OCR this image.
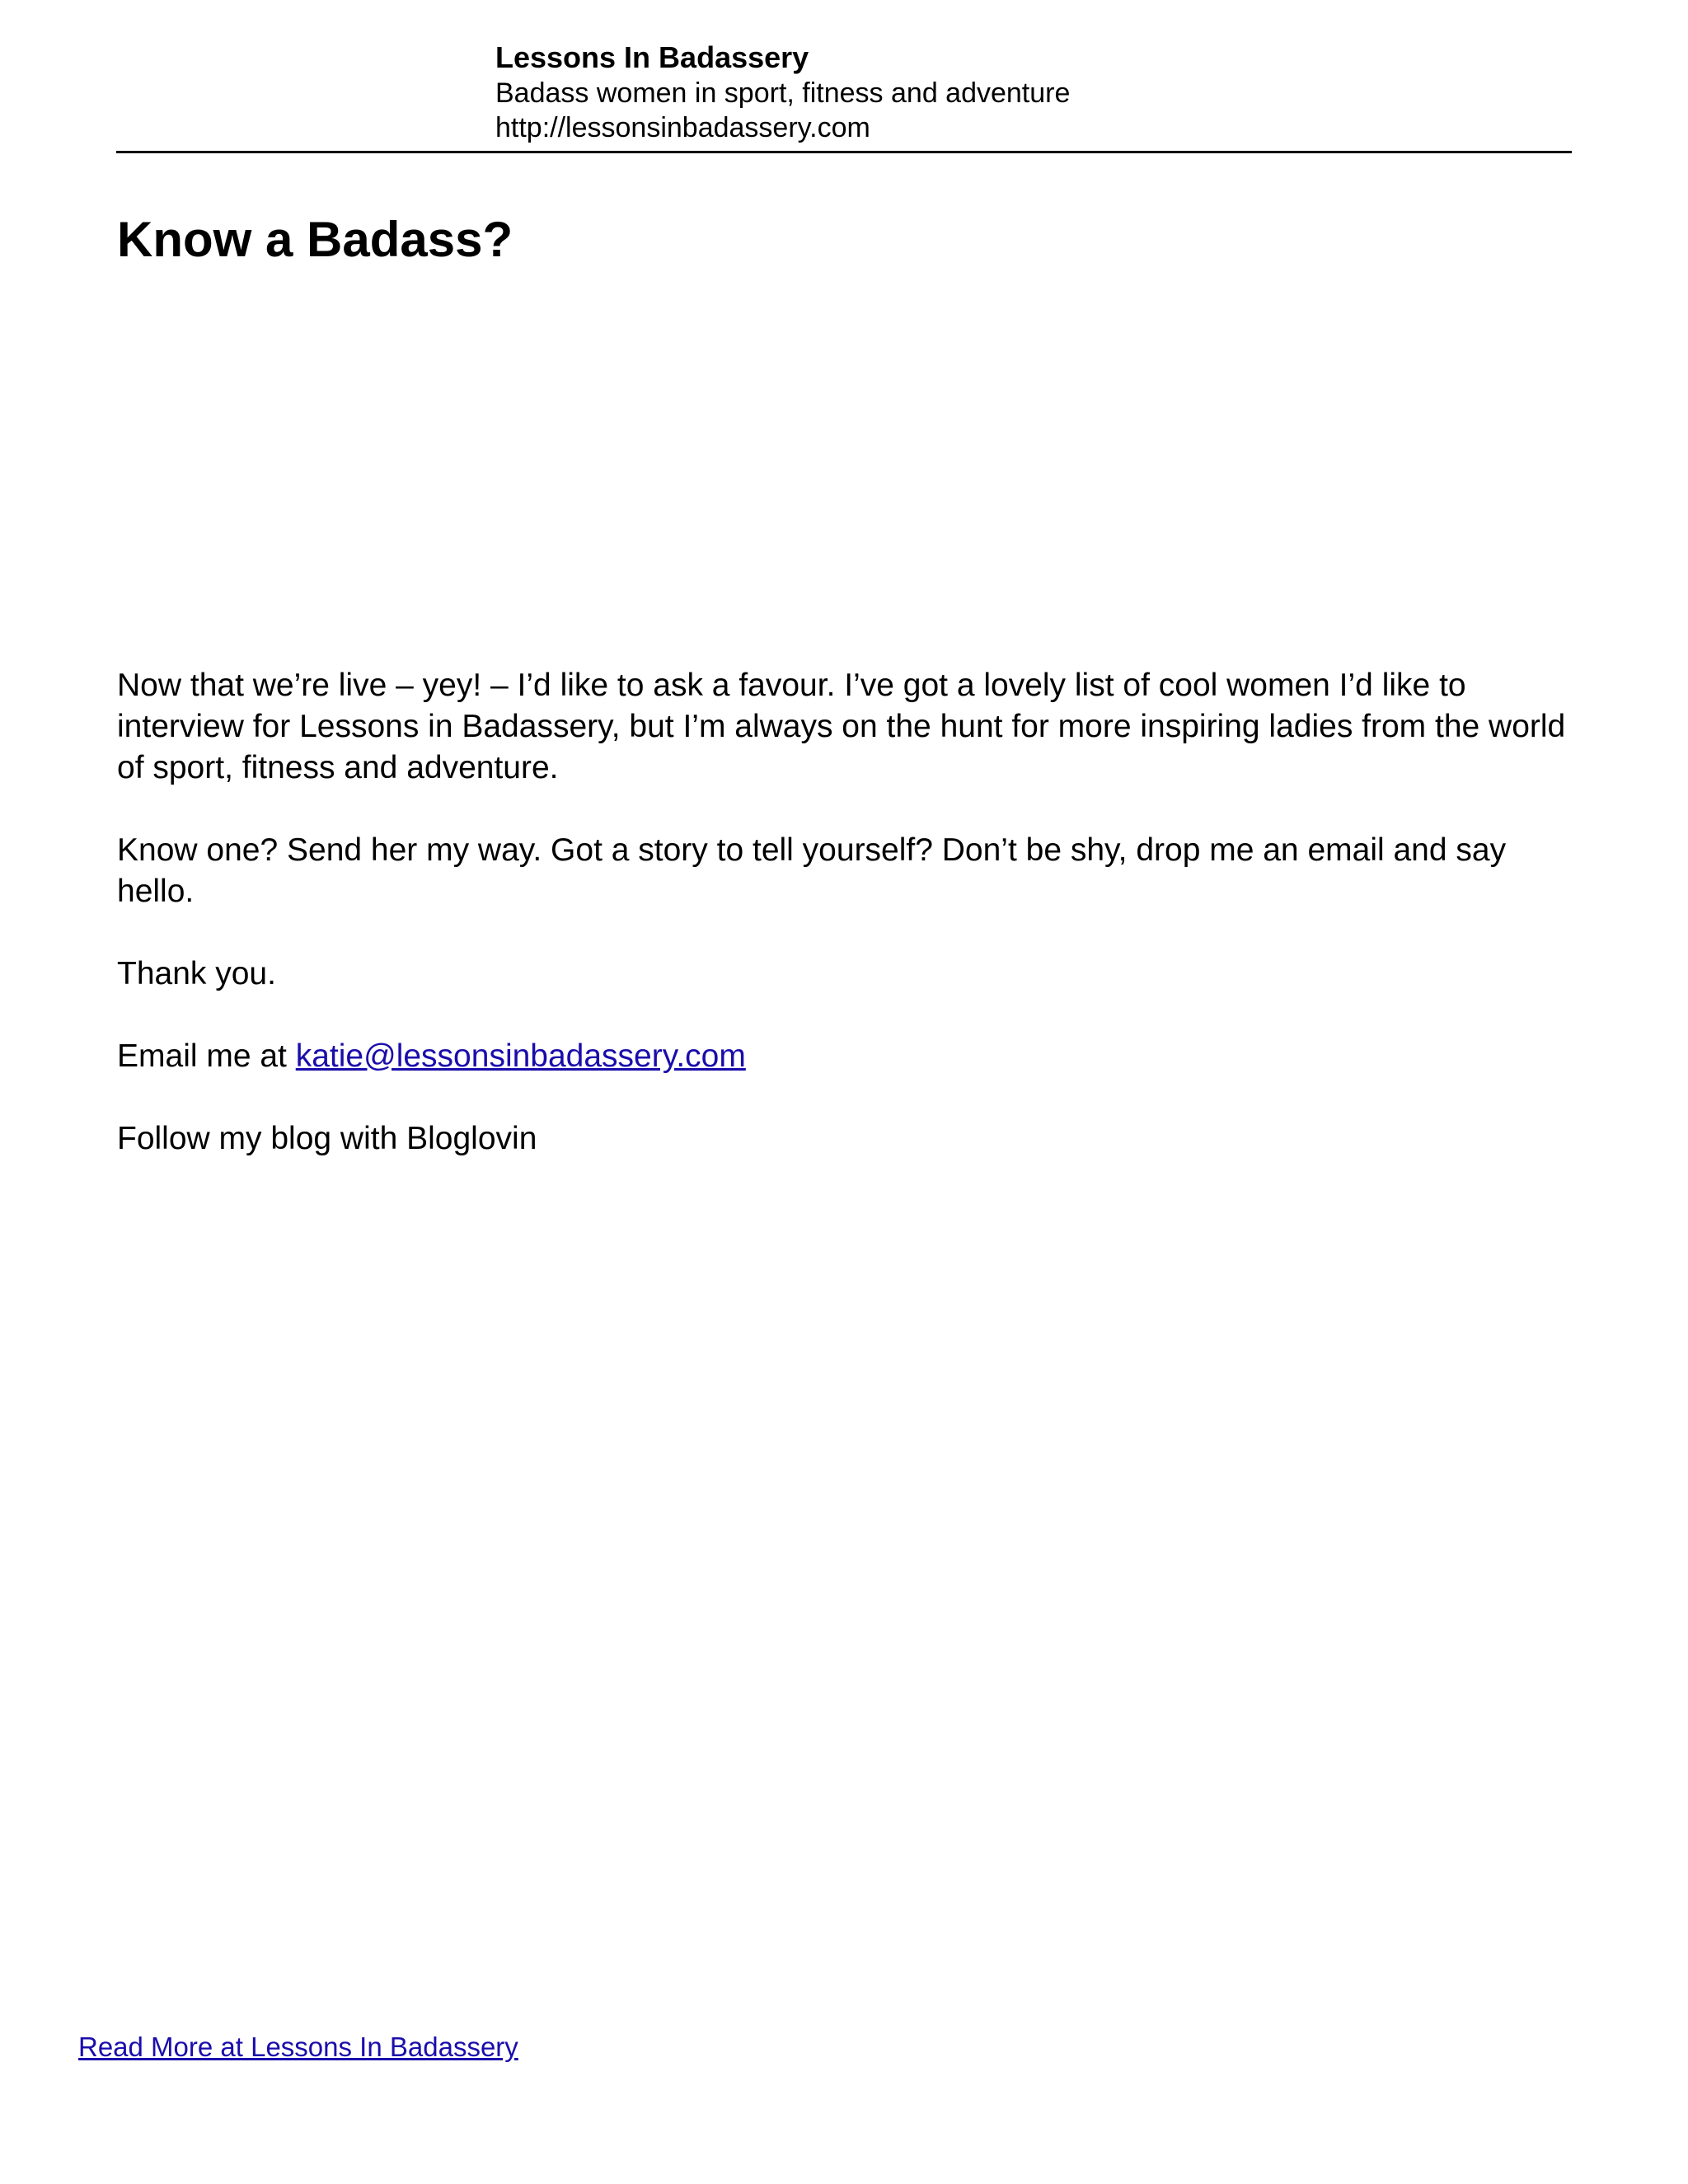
Lessons In Badassery

Badass women in sport, fitness and adventure

http://lessonsinbadassery.com

Know a Badass?

Now that we’re live – yey! – I’d like to ask a favour. I’ve got a lovely list of cool women I’d like to interview for Lessons in Badassery, but I’m always on the hunt for more inspiring ladies from the world of sport, fitness and adventure.

Know one? Send her my way. Got a story to tell yourself? Don’t be shy, drop me an email and say hello.

Thank you.

Email me at katie@lessonsinbadassery.com

Follow my blog with Bloglovin

Read More at Lessons In Badassery
